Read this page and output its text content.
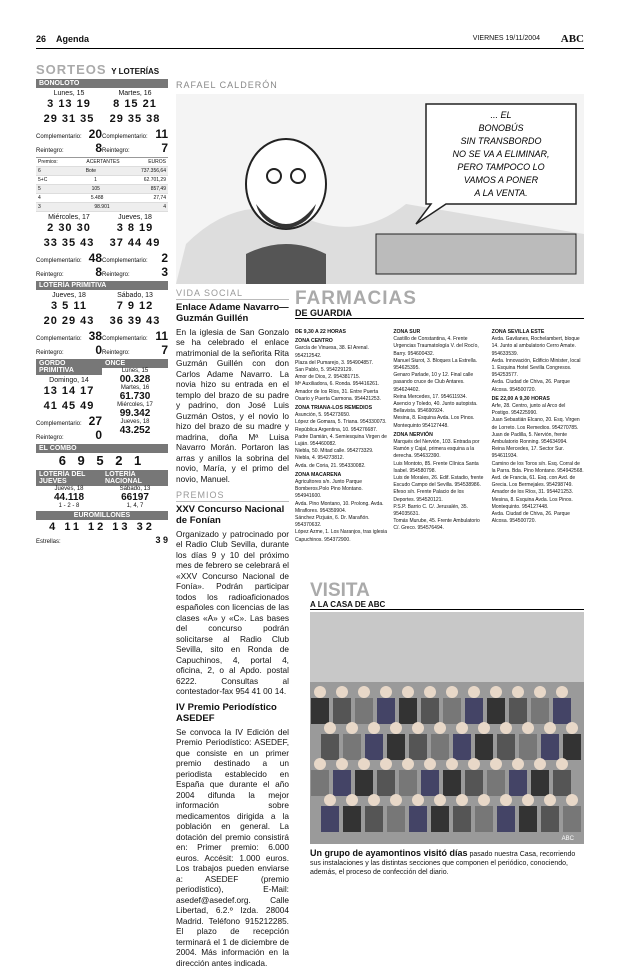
26 Agenda	VIERNES 19/11/2004 ABC
SORTEOS Y LOTERÍAS
BONOLOTO
Lunes, 15
3 13 19
29 31 35
Complementario: 20
Reintegro:	8
Martes, 16
8 15 21
29 35 38
Complementario: 11
Reintegro:	7
Premios:	ACERTANTES	EUROS
6	Bote	737.356,64
5+C	1	62.701,29
5	105	857,49
4	5.488	27,74
3	98.901	4
Miércoles, 17
2 30 30
33 35 43
Complementario: 48
Reintegro:	8
Jueves, 18
3 8 19
37 44 49
Complementario: 2
Reintegro:	3
LOTERÍA PRIMITIVA
Jueves, 18
3 5 11
20 29 43
Complementario: 38
Reintegro:	0
Sábado, 13
7 9 12
36 39 43
Complementario: 11
Reintegro:	7
GORDO PRIMITIVA
Domingo, 14
13 14 17
41 45 49
Complementario: 27
Reintegro:	0
ONCE
Lunes, 15
00.328
Martes, 16
61.730
Miércoles, 17
99.342
Jueves, 18
43.252
EL COMBO
6 9 5 2 1
LOTERÍA DEL JUEVES
Jueves, 18
44.118
1 - 2 - 8
LOTERÍA NACIONAL
Sábado, 13
66197
1, 4, 7
EUROMILLONES
4 11 12 13 32
Estrellas:	3 9
RAFAEL CALDERÓN
... EL
BONOBÚS
SIN TRANSBORDO
NO SE VA A ELIMINAR,
PERO TAMPOCO LO
VAMOS A PONER
A LA VENTA.
VIDA SOCIAL
Enlace Adame Navarro—Guzmán Guillén
En la iglesia de San Gonzalo se ha celebrado el enlace matrimonial de la señorita Rita Guzmán Guillén con don Carlos Adame Navarro. La novia hizo su entrada en el templo del brazo de su padre y padrino, don José Luis Guzmán Ostos, y el novio lo hizo del brazo de su madre y madrina, doña Mª Luisa Navarro Morán. Portaron las arras y anillos la sobrina del novio, María, y el primo del novio, Manuel.
PREMIOS
XXV Concurso Nacional de Fonían
Organizado y patrocinado por el Radio Club Sevilla, durante los días 9 y 10 del próximo mes de febrero se celebrará el «XXV Concurso Nacional de Fonía». Podrán participar todos los radioaficionados españoles con licencias de las clases «A» y «C». Las bases del concurso podrán solicitarse al Radio Club Sevilla, sito en Ronda de Capuchinos, 4, portal 4, oficina, 2, o al Apdo. postal 6222. Consultas al contestador-fax 954 41 00 14.
IV Premio Periodístico ASEDEF
Se convoca la IV Edición del Premio Periodístico: ASEDEF, que consiste en un primer premio destinado a un periodista establecido en España que durante el año 2004 difunda la mejor información sobre medicamentos dirigida a la población en general. La dotación del premio consistirá en: Primer premio: 6.000 euros. Accésit: 1.000 euros. Los trabajos pueden enviarse a: ASEDEF (premio periodístico), E-Mail: asedef@asedef.org. Calle Libertad, 6.2.º Izda. 28004 Madrid. Teléfono 915212285. El plazo de recepción terminará el 1 de diciembre de 2004. Más información en la dirección antes indicada.
FARMACIAS
DE GUARDIA
DE 9,30 A 22 HORAS
ZONA CENTRO
García de Vinuesa, 38. El Arenal. 954212542.
Plaza del Pumarejo, 3. 954904857.
San Pablo, 5. 954229129.
Amor de Dios, 2. 954381715.
Mª Auxiliadora, 6. Ronda. 954416261.
Amador de los Ríos, 31. Entre Puerta Osario y Puerta Carmona. 954421253.
ZONA TRIANA-LOS REMEDIOS
Asunción, 5. 954273650.
López de Gomara, 5. Triana. 954330073.
República Argentina, 10. 954276687.
Padre Damián, 4. Semiesquina Virgen de Luján. 954460082.
Niebla, 50. Mitad calle. 954273329.
Niebla, 4. 954273812.
Avda. de Coria, 21. 954330082.
ZONA MACARENA
Agricultores s/n. Junto Parque Bomberos.Polo Pino Montano. 954941600.
Avda. Pino Montano, 10. Prolong. Avda. Miraflores. 954359904.
Sánchez Pizjuán, 6. Dr. Marañón. 954370632.
López Azme, 1. Los Naranjos, tras iglesia Capuchinos. 954372900.
ZONA SUR
Castillo de Constantina, 4. Frente Urgencias Traumatología V. del Rocío, Barry. 954600432.
Manuel Siurot, 3. Bloques La Estrella. 954625395.
Genaro Parlade, 10 y 12. Final calle pasando cruce de Club Antares. 954624402.
Reina Mercedes, 17. 954611934.
Asencio y Toledo, 40. Junto autopista. Bellavista. 954690924.
Mesina, 8. Esquina Avda. Los Pinos. Montequinto 954127448.
ZONA NERVIÓN
Marqués del Nervión, 103. Entrada por Ramón y Cajal, primera esquina a la derecha. 954632390.
Luis Montoto, 85. Frente Clínica Santa Isabel. 954580798.
Luis de Morales, 26. Edif. Estadio, frente Escudo Campo del Sevilla. 954538986.
Efeso s/n. Frente Palacio de los Deportes. 954520121.
P.S.P. Barrio C. C/. Jerusalén, 35. 954035631.
Tomás Murube, 45. Frente Ambulatorio C/. Greco. 954576494.
ZONA SEVILLA ESTE
Avda. Gavilanes, Rochelambert, bloque 14. Junto al ambulatorio Cerro Amate. 954633539.
Avda. Innovación, Edificio Minister, local 1. Esquina Hotel Sevilla Congresos. 954253577.
Avda. Ciudad de Chiva, 26. Parque Alcosa. 954500720.
DE 22,00 A 9,30 HORAS
Arfe, 28. Centro, junto al Arco del Postigo. 954225990.
Juan Sebastián Elcano, 20. Esq. Virgen de Lorreto. Los Remedios. 954270785.
Juan de Padilla, 5. Nervión, frente Ambulatorio Ronning. 954634994.
Reina Mercedes, 17. Sector Sur. 954611934.
Camino de los Toros s/n. Esq. Corral de la Parra. Bda. Pino Montano. 954942568.
Avd. de Francia, 61. Esq. con Avd. de Grecia. Los Bermejales. 954298749.
Amador de los Ríos, 31. 954421253.
Mesina, 8. Esquina Avda. Los Pinos. Montequinto. 954127448.
Avda. Ciudad de Chiva, 26. Parque Alcosa. 954500720.
VISITA
A LA CASA DE ABC
ABC
Un grupo de ayamontinos visitó días pasado nuestra Casa, recorriendo sus instalaciones y las distintas secciones que componen el periódico, conociendo, además, el proceso de confección del diario.
